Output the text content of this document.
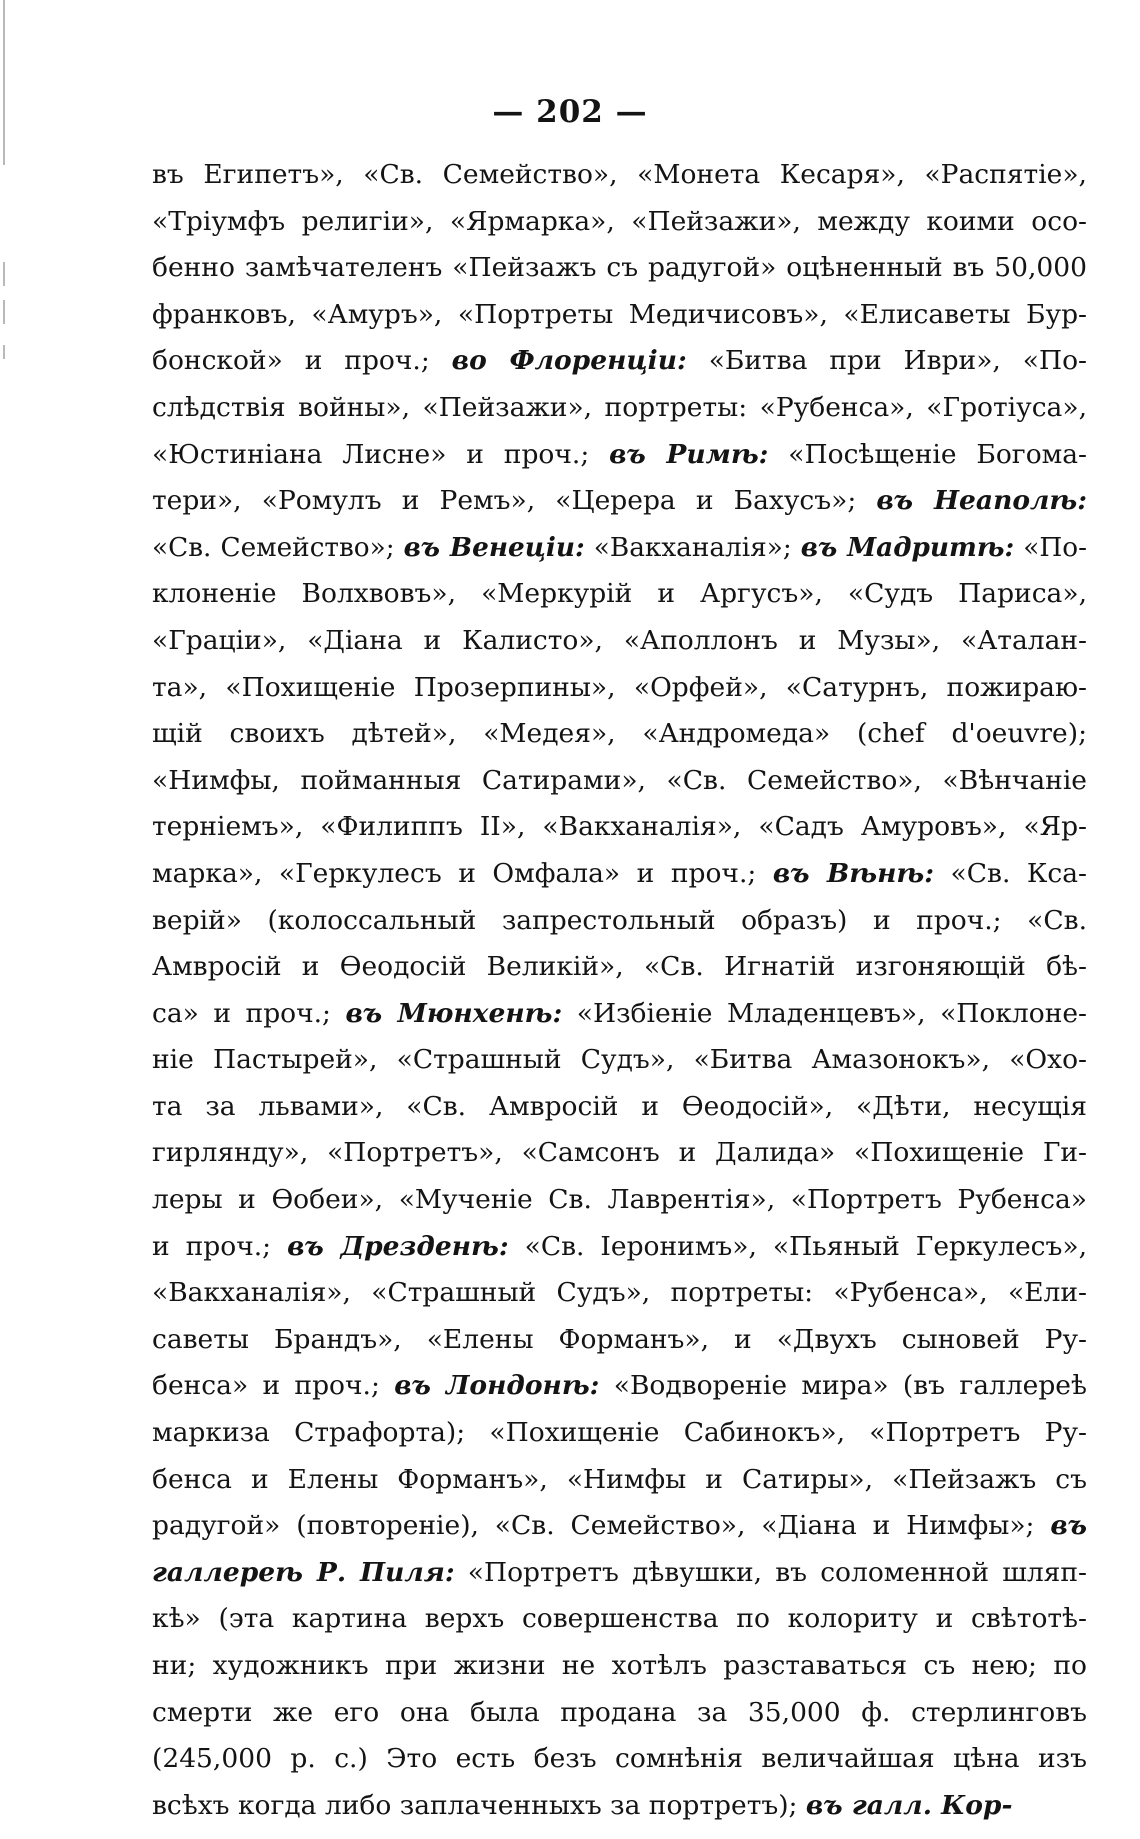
— 202 —
въ Египетъ», «Св. Семейство», «Монета Кесаря», «Распятіе»,
«Тріумфъ религіи», «Ярмарка», «Пейзажи», между коими осо-
бенно замѣчателенъ «Пейзажъ съ радугой» оцѣненный въ 50,000
франковъ, «Амуръ», «Портреты Медичисовъ», «Елисаветы Бур-
бонской» и проч.; во Флоренціи: «Битва при Иври», «По-
слѣдствія войны», «Пейзажи», портреты: «Рубенса», «Гротіуса»,
«Юстиніана Лисне» и проч.; въ Римѣ: «Посѣщеніе Богома-
тери», «Ромулъ и Ремъ», «Церера и Бахусъ»; въ Неаполѣ:
«Св. Семейство»; въ Венеціи: «Вакханалія»; въ Мадритѣ: «По-
клоненіе Волхвовъ», «Меркурій и Аргусъ», «Судъ Париса»,
«Граціи», «Діана и Калисто», «Аполлонъ и Музы», «Аталан-
та», «Похищеніе Прозерпины», «Орфей», «Сатурнъ, пожираю-
щій своихъ дѣтей», «Медея», «Андромеда» (chef d'oeuvre);
«Нимфы, пойманныя Сатирами», «Св. Семейство», «Вѣнчаніе
терніемъ», «Филиппъ II», «Вакханалія», «Садъ Амуровъ», «Яр-
марка», «Геркулесъ и Омфала» и проч.; въ Вѣнѣ: «Св. Кса-
верій» (колоссальный запрестольный образъ) и проч.; «Св.
Амвросій и Ѳеодосій Великій», «Св. Игнатій изгоняющій бѣ-
са» и проч.; въ Мюнхенѣ: «Избіеніе Младенцевъ», «Поклоне-
ніе Пастырей», «Страшный Судъ», «Битва Амазонокъ», «Охо-
та за львами», «Св. Амвросій и Ѳеодосій», «Дѣти, несущія
гирлянду», «Портретъ», «Самсонъ и Далида» «Похищеніе Ги-
леры и Ѳобеи», «Мученіе Св. Лаврентія», «Портретъ Рубенса»
и проч.; въ Дрезденѣ: «Св. Іеронимъ», «Пьяный Геркулесъ»,
«Вакханалія», «Страшный Судъ», портреты: «Рубенса», «Ели-
саветы Брандъ», «Елены Форманъ», и «Двухъ сыновей Ру-
бенса» и проч.; въ Лондонѣ: «Водвореніе мира» (въ галлереѣ
маркиза Страфорта); «Похищеніе Сабинокъ», «Портретъ Ру-
бенса и Елены Форманъ», «Нимфы и Сатиры», «Пейзажъ съ
радугой» (повтореніе), «Св. Семейство», «Діана и Нимфы»; въ
галлереѣ Р. Пиля: «Портретъ дѣвушки, въ соломенной шляп-
кѣ» (эта картина верхъ совершенства по колориту и свѣтотѣ-
ни; художникъ при жизни не хотѣлъ разставаться съ нею; по
смерти же его она была продана за 35,000 ф. стерлинговъ
(245,000 р. с.) Это есть безъ сомнѣнія величайшая цѣна изъ
всѣхъ когда либо заплаченныхъ за портретъ); въ галл. Кор-
